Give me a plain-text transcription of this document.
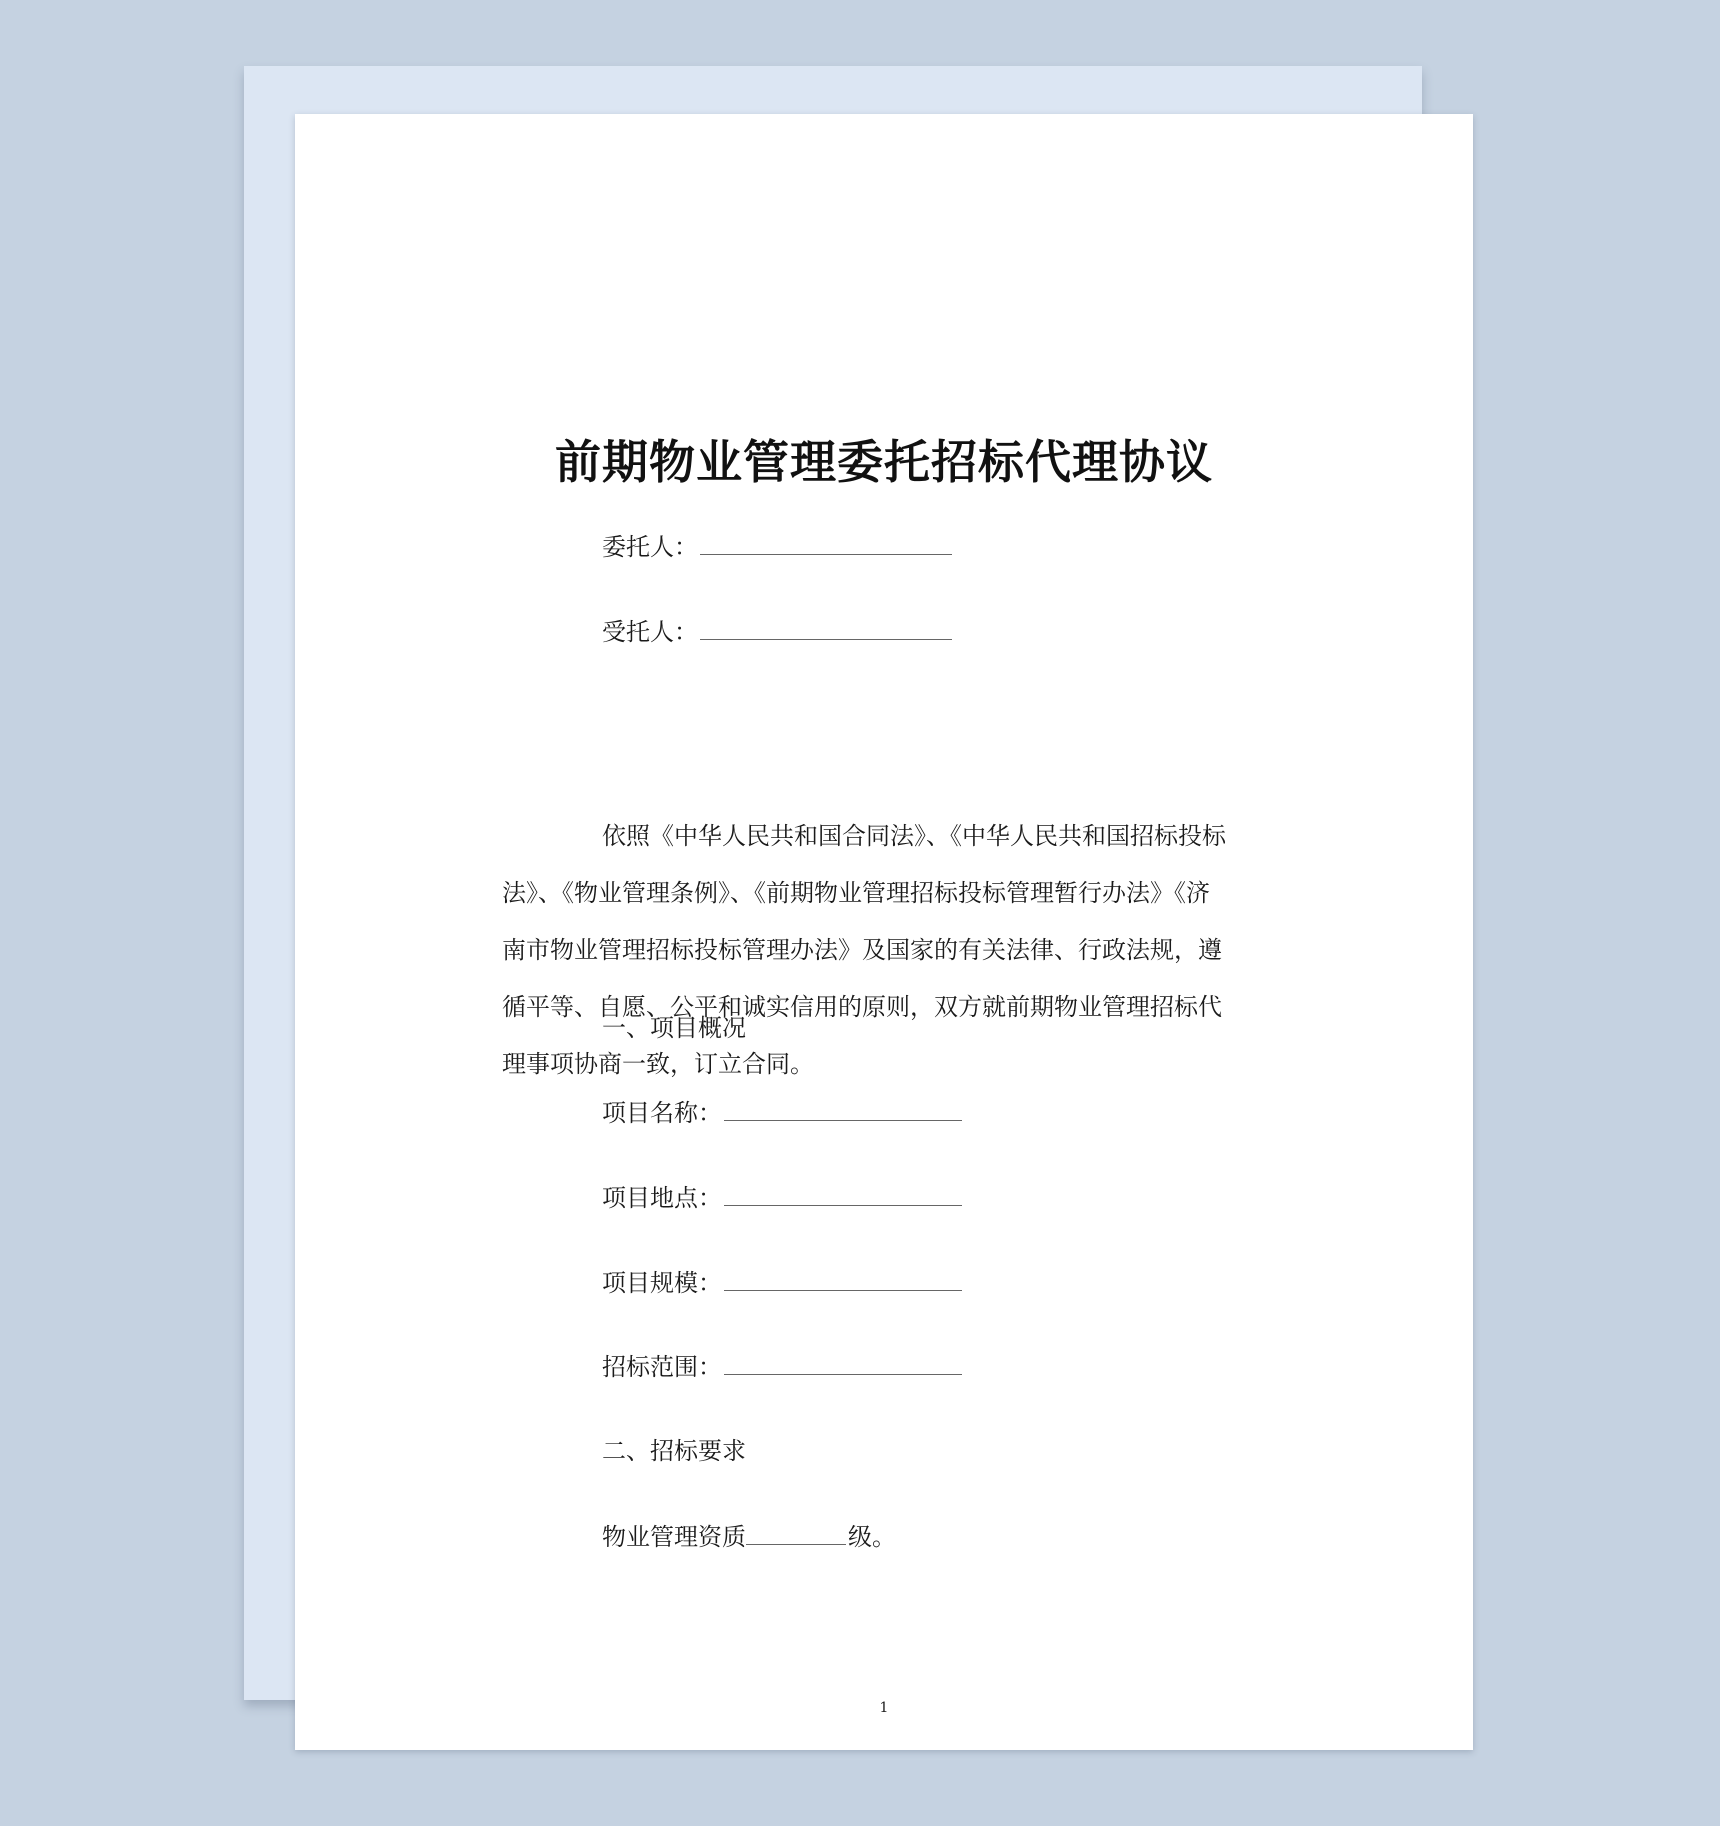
前期物业管理委托招标代理协议
委托人：
受托人：
依照《中华人民共和国合同法》、《中华人民共和国招标投标
法》、《物业管理条例》、《前期物业管理招标投标管理暂行办法》《济
南市物业管理招标投标管理办法》及国家的有关法律、行政法规，遵
循平等、自愿、公平和诚实信用的原则，双方就前期物业管理招标代
理事项协商一致，订立合同。
一、项目概况
项目名称：
项目地点：
项目规模：
招标范围：
二、招标要求
物业管理资质	级。
1
